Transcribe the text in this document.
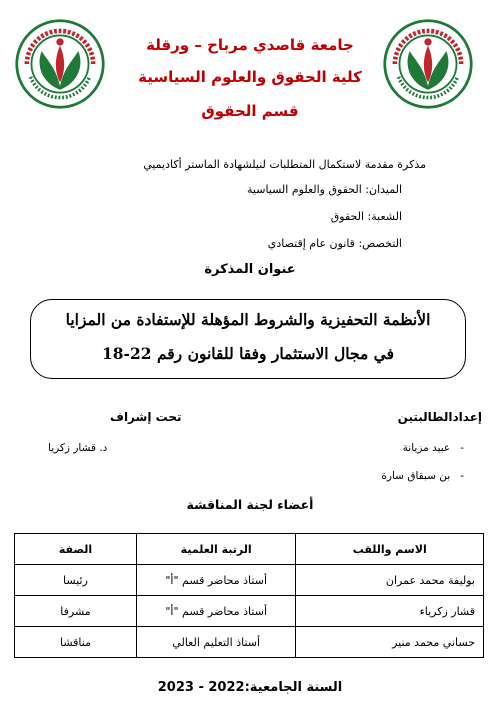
جامعة قاصدي مرباح – ورقلة
كلية الحقوق والعلوم السياسية
قسم الحقوق
مذكرة مقدمة لاستكمال المتطلبات لنيلشهادة الماستر أكاديميي
الميدان: الحقوق والعلوم السياسية
الشعبة: الحقوق
التخصص: قانون عام إقتصادي
عنوان المذكرة
الأنظمة التحفيزية والشروط المؤهلة للإستفادة من المزايا
في مجال الاستثمار وفقا للقانون رقم 22-18
إعدادالطالبتين
تحت إشراف
-عبيد مزيانة
-بن سبقاق سارة
د. قشار زكريا
أعضاء لجنة المناقشة
الاسم واللقب	الرتبة العلمية	الصفة
بوليفة محمد عمران	أستاذ محاضر قسم "أ"	رئيسا
قشار زكرياء	أستاذ محاضر قسم "أ"	مشرفا
حساني محمد منير	أستاذ التعليم العالي	مناقشا
السنة الجامعية:2022 - 2023
